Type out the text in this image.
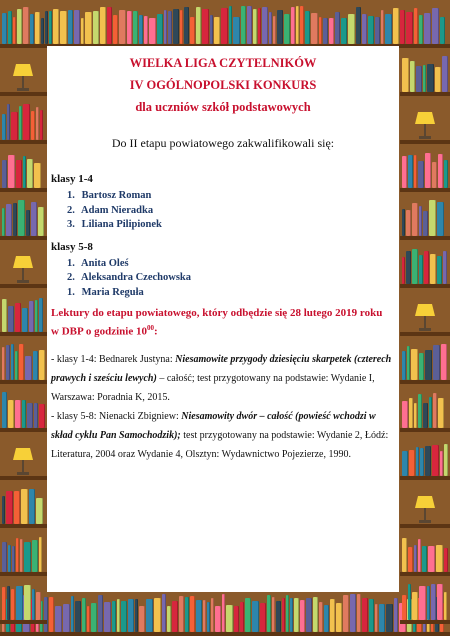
WIELKA LIGA CZYTELNIKÓW
IV OGÓLNOPOLSKI KONKURS
dla uczniów szkół podstawowych
Do II etapu powiatowego zakwalifikowali się:
klasy 1-4
1. Bartosz Roman
2. Adam Nieradka
3. Liliana Pilipionek
klasy 5-8
1. Anita Oleś
2. Aleksandra Czechowska
1. Maria Reguła
Lektury do etapu powiatowego, który odbędzie się 28 lutego 2019 roku
w DBP o godzinie $10^{00}$:
- klasy 1-4: Bednarek Justyna: Niesamowite przygody dziesięciu skarpetek (czterech prawych i sześciu lewych) – całość; test przygotowany na podstawie: Wydanie I, Warszawa: Poradnia K, 2015.
- klasy 5-8: Nienacki Zbigniew: Niesamowity dwór – całość (powieść wchodzi w skład cyklu Pan Samochodzik); test przygotowany na podstawie: Wydanie 2, Łódź: Literatura, 2004 oraz Wydanie 4, Olsztyn: Wydawnictwo Pojezierze, 1990.
